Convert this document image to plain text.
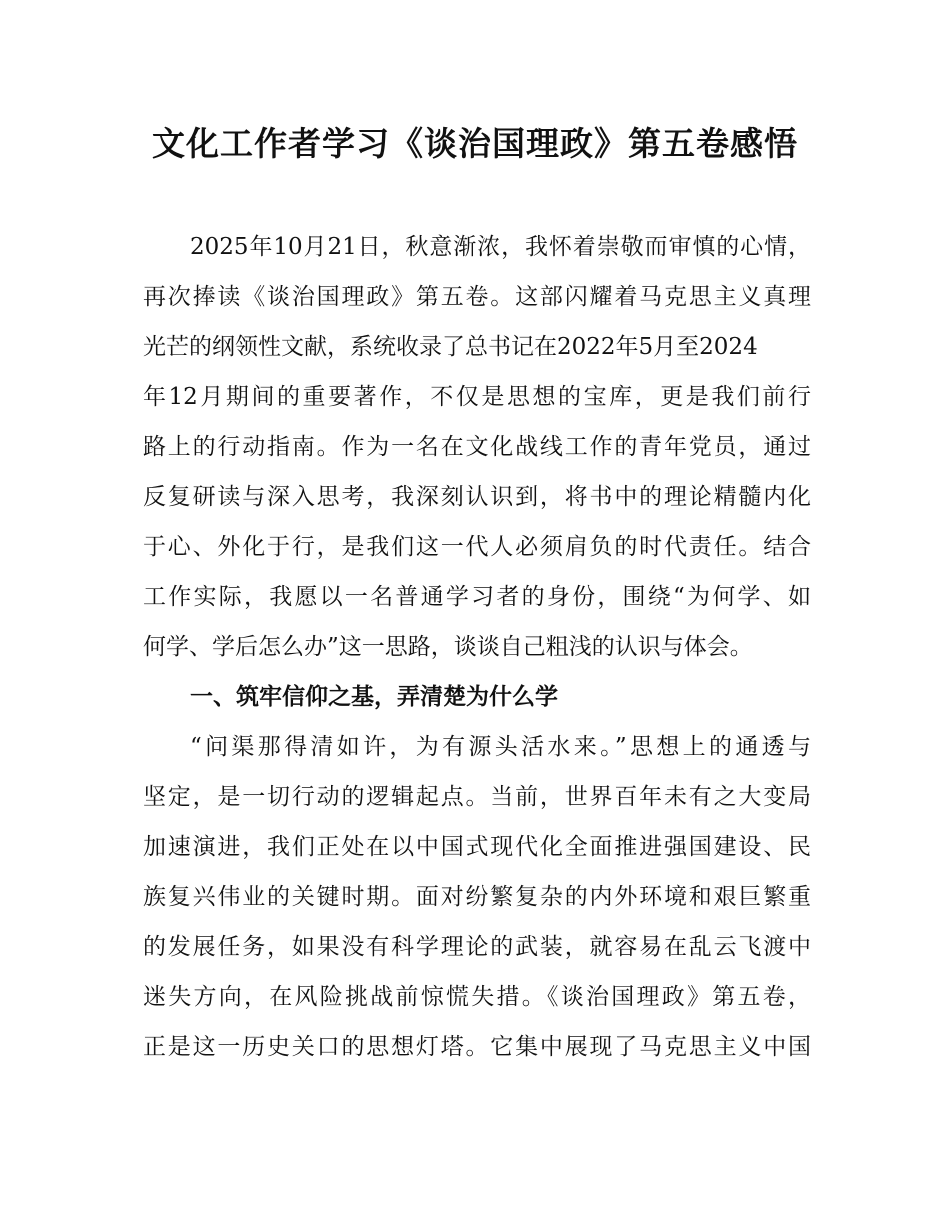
文化工作者学习《谈治国理政》第五卷感悟
2025年10月21日，秋意渐浓，我怀着崇敬而审慎的心情，
再次捧读《谈治国理政》第五卷。这部闪耀着马克思主义真理
光芒的纲领性文献，系统收录了总书记在2022年5月至2024
年12月期间的重要著作，不仅是思想的宝库，更是我们前行
路上的行动指南。作为一名在文化战线工作的青年党员，通过
反复研读与深入思考，我深刻认识到，将书中的理论精髓内化
于心、外化于行，是我们这一代人必须肩负的时代责任。结合
工作实际，我愿以一名普通学习者的身份，围绕“为何学、如
何学、学后怎么办”这一思路，谈谈自己粗浅的认识与体会。
一、筑牢信仰之基，弄清楚为什么学
“问渠那得清如许，为有源头活水来。”思想上的通透与
坚定，是一切行动的逻辑起点。当前，世界百年未有之大变局
加速演进，我们正处在以中国式现代化全面推进强国建设、民
族复兴伟业的关键时期。面对纷繁复杂的内外环境和艰巨繁重
的发展任务，如果没有科学理论的武装，就容易在乱云飞渡中
迷失方向，在风险挑战前惊慌失措。《谈治国理政》第五卷，
正是这一历史关口的思想灯塔。它集中展现了马克思主义中国
